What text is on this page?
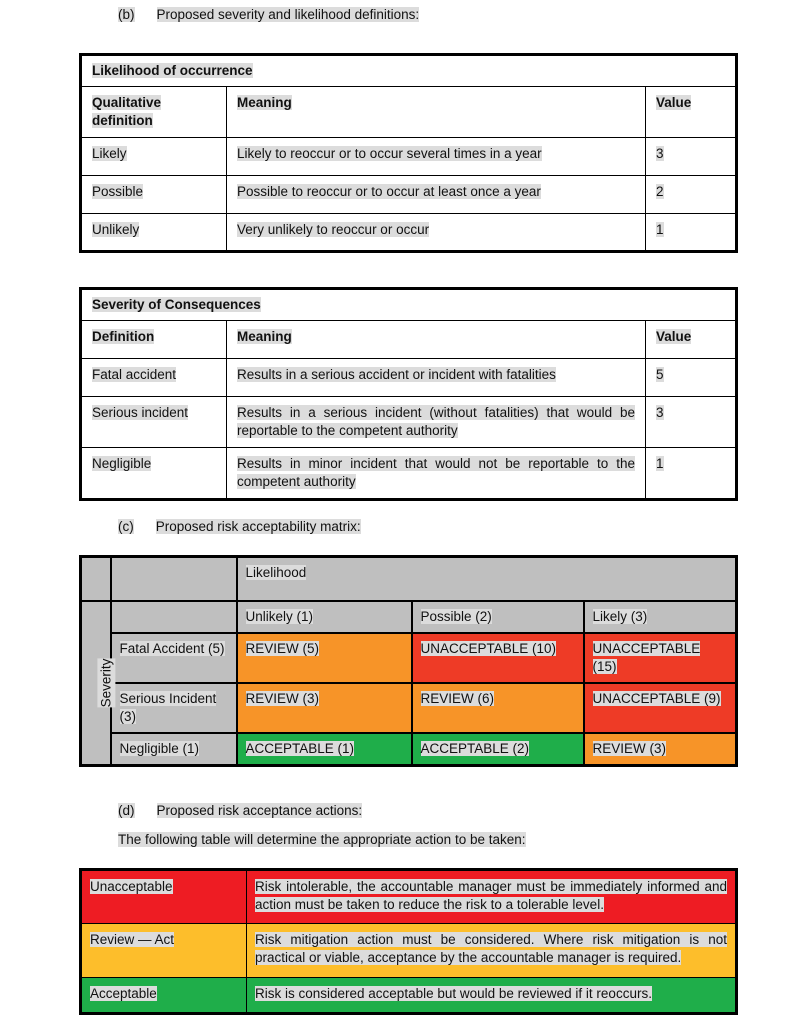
(b) Proposed severity and likelihood definitions:
Likelihood of occurrence		
Qualitative definition	Meaning	Value
Likely	Likely to reoccur or to occur several times in a year	3
Possible	Possible to reoccur or to occur at least once a year	2
Unlikely	Very unlikely to reoccur or occur	1
Severity of Consequences		
Definition	Meaning	Value
Fatal accident	Results in a serious accident or incident with fatalities	5
Serious incident	Results in a serious incident (without fatalities) that would be reportable to the competent authority	3
Negligible	Results in minor incident that would not be reportable to the competent authority	1
(c) Proposed risk acceptability matrix:
		Likelihood		
Severity		Unlikely (1)	Possible (2)	Likely (3)
	Fatal Accident (5)	REVIEW (5)	UNACCEPTABLE (10)	UNACCEPTABLE (15)
	Serious Incident (3)	REVIEW (3)	REVIEW (6)	UNACCEPTABLE (9)
	Negligible (1)	ACCEPTABLE (1)	ACCEPTABLE (2)	REVIEW (3)
(d) Proposed risk acceptance actions:
The following table will determine the appropriate action to be taken:
Unacceptable	Risk intolerable, the accountable manager must be immediately informed and action must be taken to reduce the risk to a tolerable level.
Review — Act	Risk mitigation action must be considered. Where risk mitigation is not practical or viable, acceptance by the accountable manager is required.
Acceptable	Risk is considered acceptable but would be reviewed if it reoccurs.
